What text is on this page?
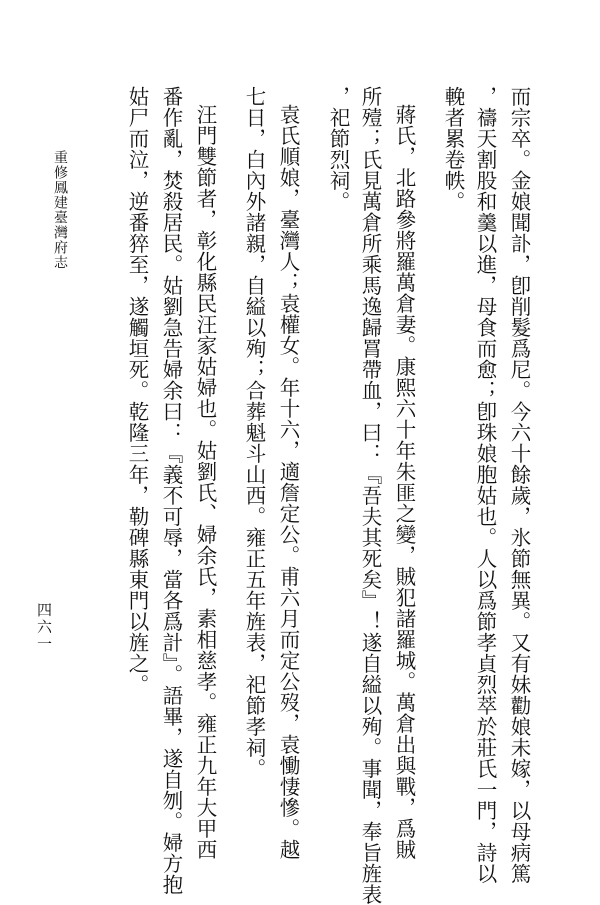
重修鳳建臺灣府志
四六一	而宗卒。金娘聞訃，卽削髮爲尼。今六十餘歲，氷節無異。又有妹勸娘未嫁，以母病篤
，禱天割股和羹以進，母食而愈；卽珠娘胞姑也。人以爲節孝貞烈萃於莊氏一門，詩以
輓者累卷帙。
蔣氏，北路參將羅萬倉妻。康熙六十年朱匪之變，賊犯諸羅城。萬倉出與戰，爲賊
所殪；氏見萬倉所乘馬逸歸罥帶血，曰：『吾夫其死矣』！遂自縊以殉。事聞，奉旨旌表
，祀節烈祠。
袁氏順娘，臺灣人；袁權女。年十六，適詹定公。甫六月而定公歿，袁慟悽慘。越
七日，白內外諸親，自縊以殉；合葬魁斗山西。雍正五年旌表，祀節孝祠。
汪門雙節者，彰化縣民汪家姑婦也。姑劉氏、婦余氏，素相慈孝。雍正九年大甲西
番作亂，焚殺居民。姑劉急告婦余曰：『義不可辱，當各爲計』。語畢，遂自刎。婦方抱
姑尸而泣，逆番猝至，遂觸垣死。乾隆三年，勒碑縣東門以旌之。
